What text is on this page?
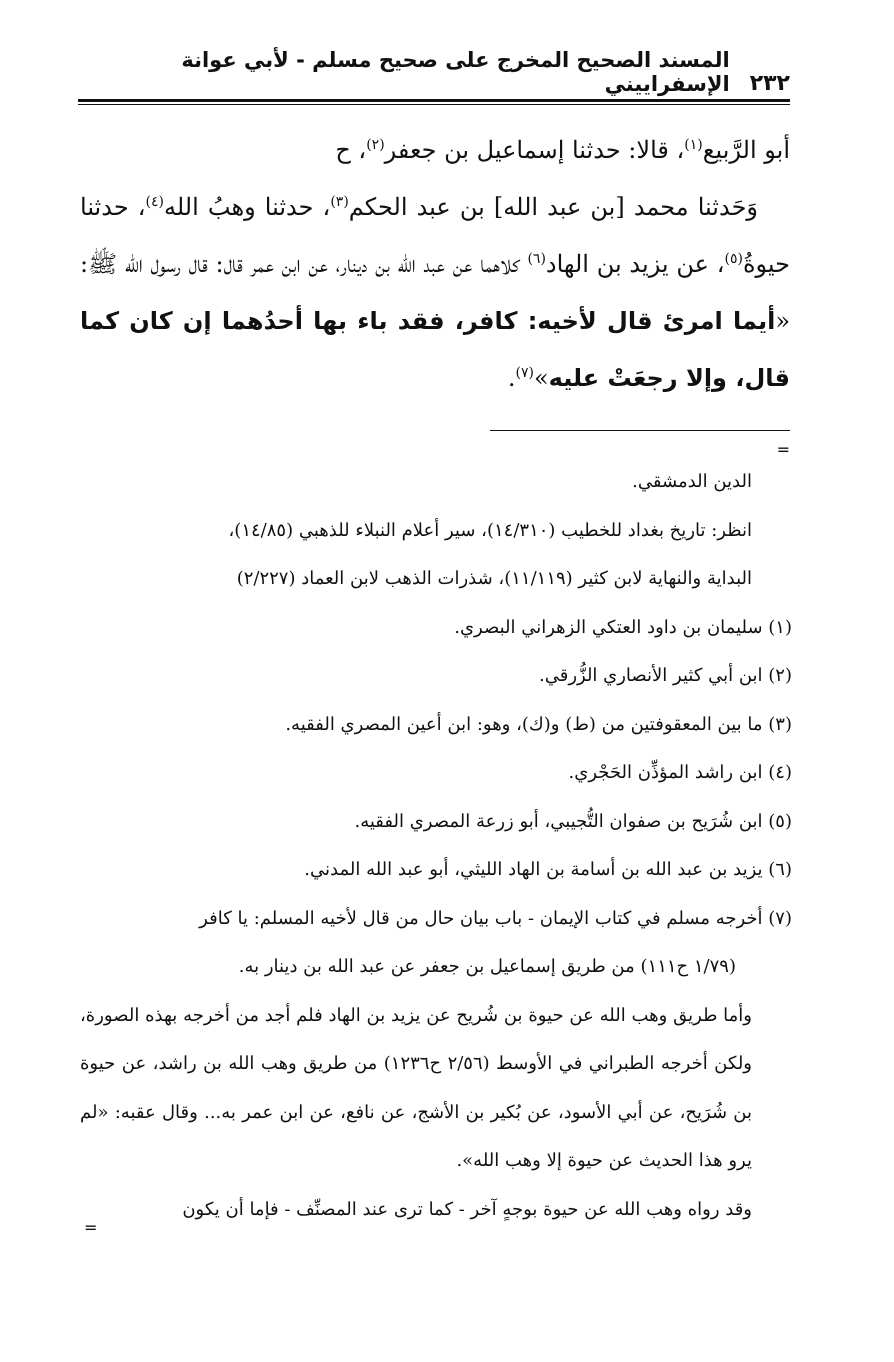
٢٣٢
المسند الصحيح المخرج على صحيح مسلم - لأبي عوانة الإسفراييني

أبو الرَّبيع$^{(١)}$، قالا: حدثنا إسماعيل بن جعفر$^{(٢)}$، ح

وَحَدثنا محمد [بن عبد الله] بن عبد الحكم$^{(٣)}$، حدثنا وهبُ الله$^{(٤)}$، حدثنا حيوةُ$^{(٥)}$، عن يزيد بن الهاد$^{(٦)}$ كلاهما عن عبد الله بن دينار، عن ابن عمر قال: قال رسول الله ﷺ: «أيما امرئ قال لأخيه: كافر، فقد باء بها أحدُهما إن كان كما قال، وإلا رجعَتْ عليه»$^{(٧)}$.

=

الدين الدمشقي.

انظر: تاريخ بغداد للخطيب (١٤/٣١٠)، سير أعلام النبلاء للذهبي (١٤/٨٥)،

البداية والنهاية لابن كثير (١١/١١٩)، شذرات الذهب لابن العماد (٢/٢٢٧)

(١) سليمان بن داود العتكي الزهراني البصري.

(٢) ابن أبي كثير الأنصاري الزُّرقي.

(٣) ما بين المعقوفتين من (ط) و(ك)، وهو: ابن أعين المصري الفقيه.

(٤) ابن راشد المؤذِّن الحَجْري.

(٥) ابن شُرَيح بن صفوان التُّجيبي، أبو زرعة المصري الفقيه.

(٦) يزيد بن عبد الله بن أسامة بن الهاد الليثي، أبو عبد الله المدني.

(٧) أخرجه مسلم في كتاب الإيمان - باب بيان حال من قال لأخيه المسلم: يا كافر

(١/٧٩ ح١١١) من طريق إسماعيل بن جعفر عن عبد الله بن دينار به.

وأما طريق وهب الله عن حيوة بن شُريح عن يزيد بن الهاد فلم أجد من أخرجه بهذه الصورة، ولكن أخرجه الطبراني في الأوسط (٢/٥٦ ح١٢٣٦) من طريق وهب الله بن راشد، عن حيوة بن شُرَيح، عن أبي الأسود، عن بُكير بن الأشج، عن نافع، عن ابن عمر به... وقال عقبه: «لم يرو هذا الحديث عن حيوة إلا وهب الله».

وقد رواه وهب الله عن حيوة بوجهٍ آخر - كما ترى عند المصنِّف - فإما أن يكون

=
